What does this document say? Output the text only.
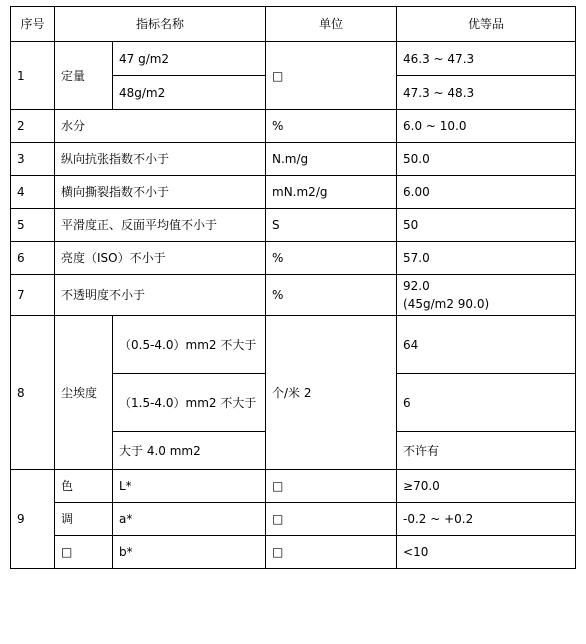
序号	指标名称		单位	优等品
1	定量	47 g/m2	□	46.3 ~ 47.3
		48g/m2		47.3 ~ 48.3
2	水分		%	6.0 ~ 10.0
3	纵向抗张指数不小于		N.m/g	50.0
4	横向撕裂指数不小于		mN.m2/g	6.00
5	平滑度正、反面平均值不小于		S	50
6	亮度（ISO）不小于		%	57.0
7	不透明度不小于		%	92.0
(45g/m2 90.0)

8	尘埃度	（0.5-4.0）mm2 不大于	个/米 2	64
		（1.5-4.0）mm2 不大于		6
		大于 4.0 mm2		不许有
9	色	L*	□	≥70.0
	调	a*	□	-0.2 ~ +0.2
	□	b*	□	<10
